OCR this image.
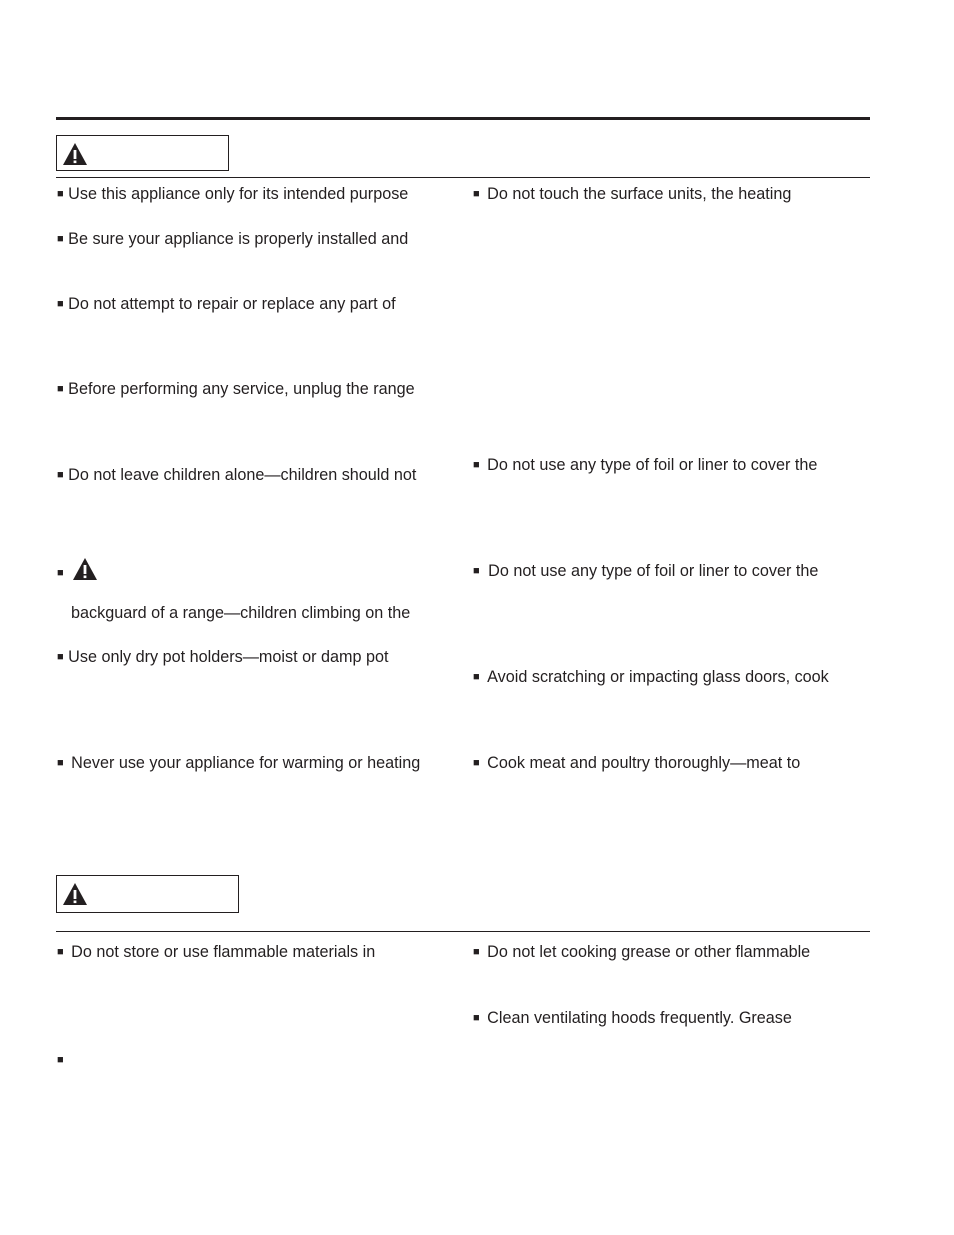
■ Use this appliance only for its intended purpose
■ Be sure your appliance is properly installed and
■ Do not attempt to repair or replace any part of
■ Before performing any service, unplug the range
■ Do not leave children alone—children should not
■
backguard of a range—children climbing on the
■ Use only dry pot holders—moist or damp pot
■ Never use your appliance for warming or heating
■ Do not touch the surface units, the heating
■ Do not use any type of foil or liner to cover the
■ Do not use any type of foil or liner to cover the
■ Avoid scratching or impacting glass doors, cook
■ Cook meat and poultry thoroughly—meat to
■ Do not store or use flammable materials in
■
■ Do not let cooking grease or other flammable
■ Clean ventilating hoods frequently. Grease
